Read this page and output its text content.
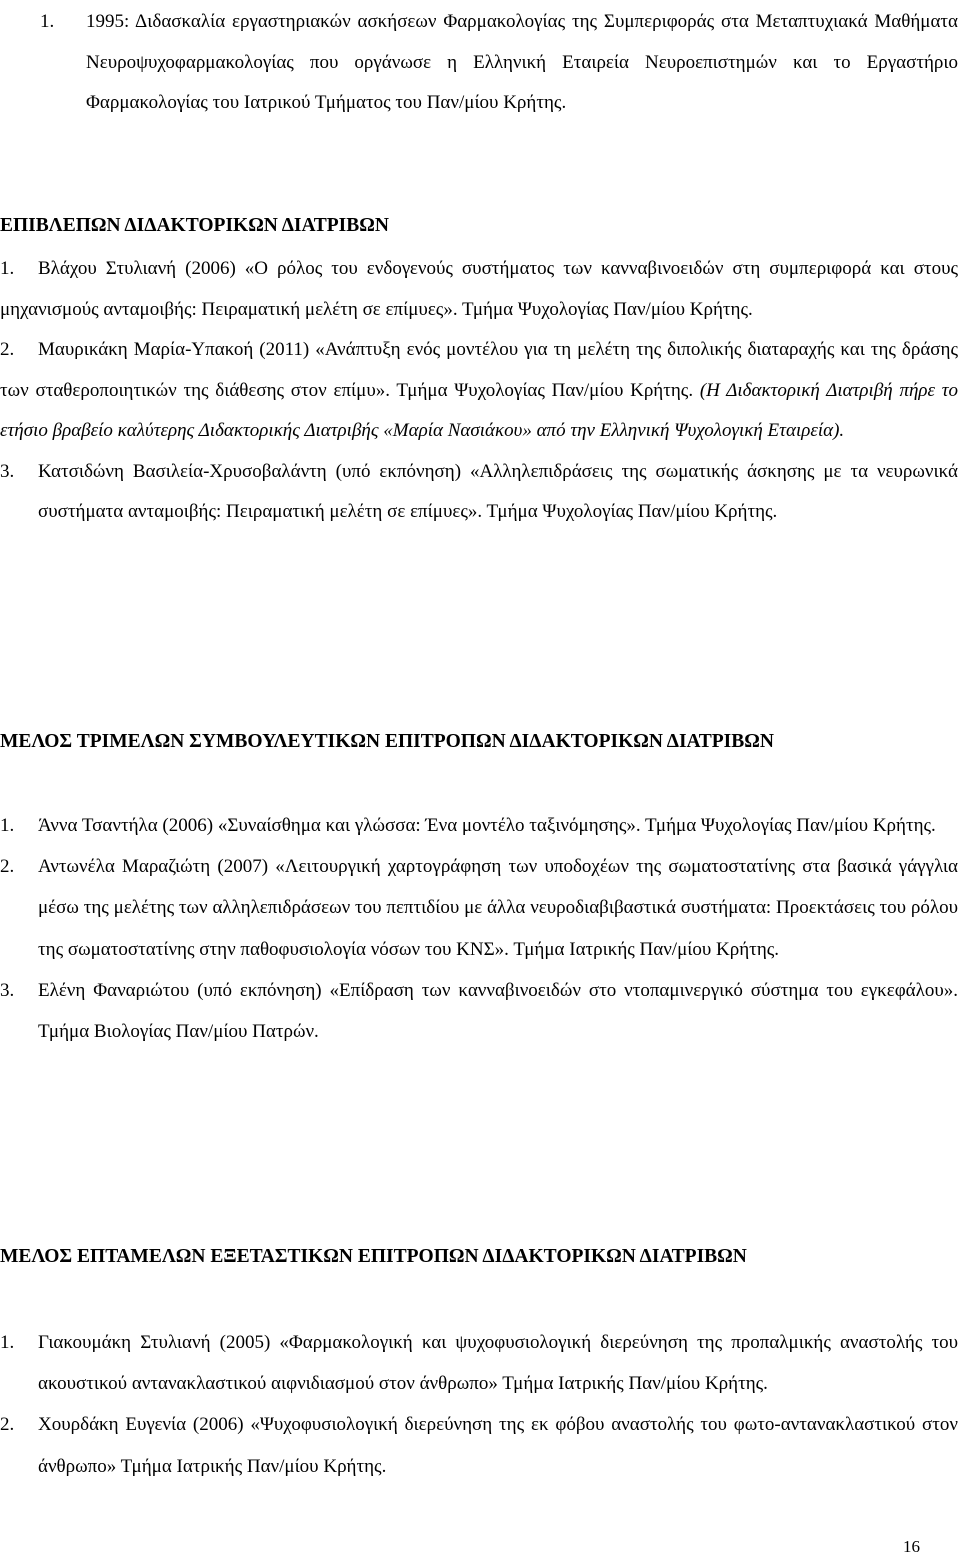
1.	1995: Διδασκαλία εργαστηριακών ασκήσεων Φαρμακολογίας της Συμπεριφοράς στα Μεταπτυχιακά Μαθήματα Νευροψυχοφαρμακολογίας που οργάνωσε η Ελληνική Εταιρεία Νευροεπιστημών και το Εργαστήριο Φαρμακολογίας του Ιατρικού Τμήματος του Παν/μίου Κρήτης.
ΕΠΙΒΛΕΠΩΝ ΔΙΔΑΚΤΟΡΙΚΩΝ ΔΙΑΤΡΙΒΩΝ
1.	Βλάχου Στυλιανή (2006) «Ο ρόλος του ενδογενούς συστήματος των κανναβινοειδών στη συμπεριφορά και στους μηχανισμούς ανταμοιβής: Πειραματική μελέτη σε επίμυες». Τμήμα Ψυχολογίας Παν/μίου Κρήτης.
2.	Μαυρικάκη Μαρία-Υπακοή (2011) «Ανάπτυξη ενός μοντέλου για τη μελέτη της διπολικής διαταραχής και της δράσης των σταθεροποιητικών της διάθεσης στον επίμυ». Τμήμα Ψυχολογίας Παν/μίου Κρήτης. (Η Διδακτορική Διατριβή πήρε το ετήσιο βραβείο καλύτερης Διδακτορικής Διατριβής «Μαρία Νασιάκου» από την Ελληνική Ψυχολογική Εταιρεία).
3.	Κατσιδώνη Βασιλεία-Χρυσοβαλάντη (υπό εκπόνηση) «Αλληλεπιδράσεις της σωματικής άσκησης με τα νευρωνικά συστήματα ανταμοιβής: Πειραματική μελέτη σε επίμυες». Τμήμα Ψυχολογίας Παν/μίου Κρήτης.
ΜΕΛΟΣ ΤΡΙΜΕΛΩΝ ΣΥΜΒΟΥΛΕΥΤΙΚΩΝ ΕΠΙΤΡΟΠΩΝ ΔΙΔΑΚΤΟΡΙΚΩΝ ΔΙΑΤΡΙΒΩΝ
1.	Άννα Τσαντήλα (2006) «Συναίσθημα και γλώσσα: Ένα μοντέλο ταξινόμησης». Τμήμα Ψυχολογίας Παν/μίου Κρήτης.
2.	Αντωνέλα Μαραζιώτη (2007) «Λειτουργική χαρτογράφηση των υποδοχέων της σωματοστατίνης στα βασικά γάγγλια μέσω της μελέτης των αλληλεπιδράσεων του πεπτιδίου με άλλα νευροδιαβιβαστικά συστήματα: Προεκτάσεις του ρόλου της σωματοστατίνης στην παθοφυσιολογία νόσων του ΚΝΣ». Τμήμα Ιατρικής Παν/μίου Κρήτης.
3.	Ελένη Φαναριώτου (υπό εκπόνηση) «Επίδραση των κανναβινοειδών στο ντοπαμινεργικό σύστημα του εγκεφάλου». Τμήμα Βιολογίας Παν/μίου Πατρών.
ΜΕΛΟΣ ΕΠΤΑΜΕΛΩΝ ΕΞΕΤΑΣΤΙΚΩΝ ΕΠΙΤΡΟΠΩΝ ΔΙΔΑΚΤΟΡΙΚΩΝ ΔΙΑΤΡΙΒΩΝ
1.	Γιακουμάκη Στυλιανή (2005) «Φαρμακολογική και ψυχοφυσιολογική διερεύνηση της προπαλμικής αναστολής του ακουστικού αντανακλαστικού αιφνιδιασμού στον άνθρωπο» Τμήμα Ιατρικής Παν/μίου Κρήτης.
2.	Χουρδάκη Ευγενία (2006) «Ψυχοφυσιολογική διερεύνηση της εκ φόβου αναστολής του φωτο-αντανακλαστικού στον άνθρωπο» Τμήμα Ιατρικής Παν/μίου Κρήτης.
16
